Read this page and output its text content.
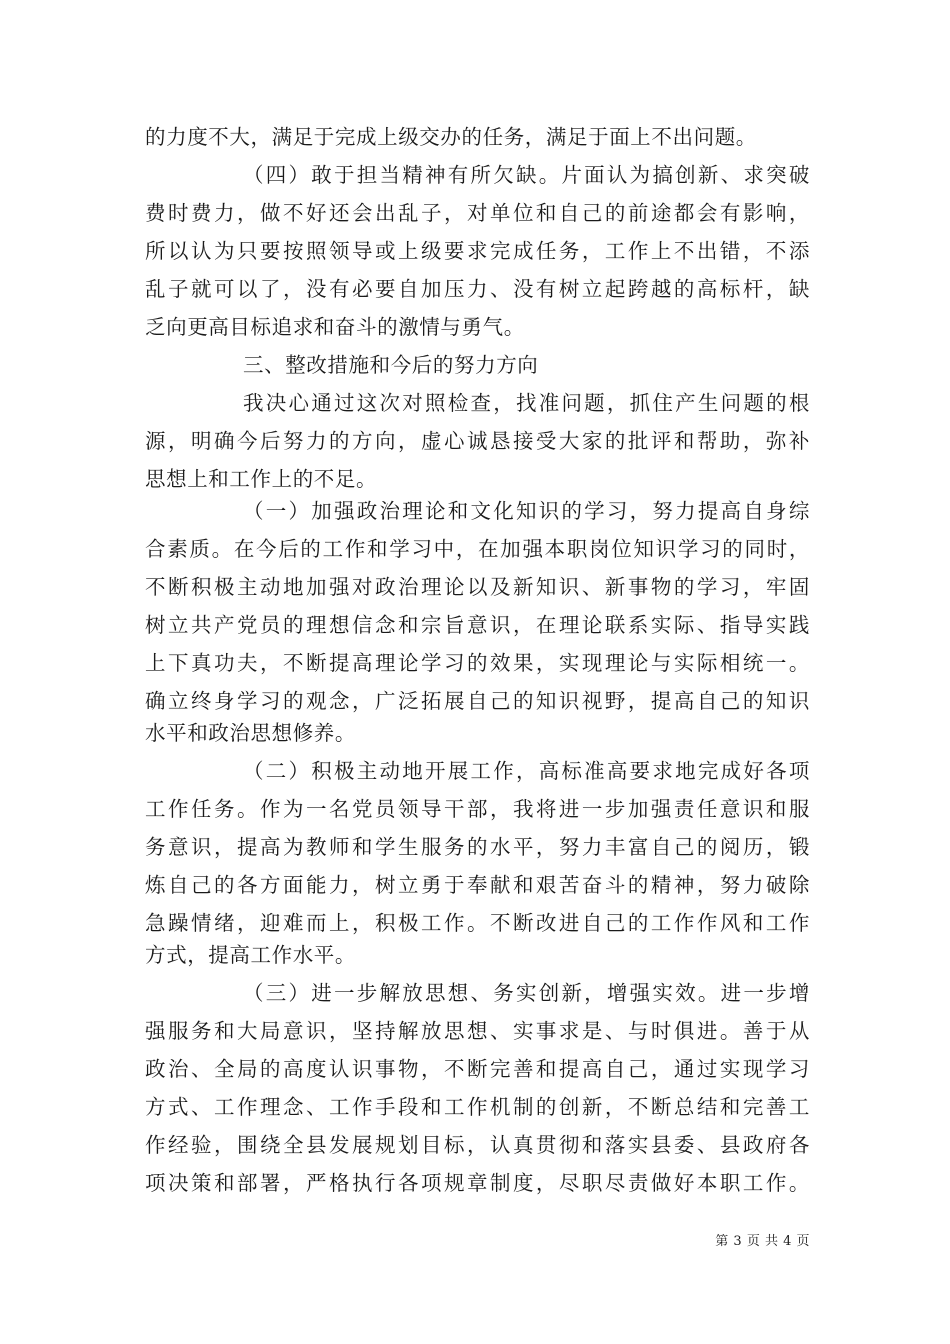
的力度不大，满足于完成上级交办的任务，满足于面上不出问题。
（四）敢于担当精神有所欠缺。片面认为搞创新、求突破
费时费力，做不好还会出乱子，对单位和自己的前途都会有影响，
所以认为只要按照领导或上级要求完成任务，工作上不出错，不添
乱子就可以了，没有必要自加压力、没有树立起跨越的高标杆，缺
乏向更高目标追求和奋斗的激情与勇气。
三、整改措施和今后的努力方向
我决心通过这次对照检查，找准问题，抓住产生问题的根
源，明确今后努力的方向，虚心诚恳接受大家的批评和帮助，弥补
思想上和工作上的不足。
（一）加强政治理论和文化知识的学习，努力提高自身综
合素质。在今后的工作和学习中，在加强本职岗位知识学习的同时，
不断积极主动地加强对政治理论以及新知识、新事物的学习，牢固
树立共产党员的理想信念和宗旨意识，在理论联系实际、指导实践
上下真功夫，不断提高理论学习的效果，实现理论与实际相统一。
确立终身学习的观念，广泛拓展自己的知识视野，提高自己的知识
水平和政治思想修养。
（二）积极主动地开展工作，高标准高要求地完成好各项
工作任务。作为一名党员领导干部，我将进一步加强责任意识和服
务意识，提高为教师和学生服务的水平，努力丰富自己的阅历，锻
炼自己的各方面能力，树立勇于奉献和艰苦奋斗的精神，努力破除
急躁情绪，迎难而上，积极工作。不断改进自己的工作作风和工作
方式，提高工作水平。
（三）进一步解放思想、务实创新，增强实效。进一步增
强服务和大局意识，坚持解放思想、实事求是、与时俱进。善于从
政治、全局的高度认识事物，不断完善和提高自己，通过实现学习
方式、工作理念、工作手段和工作机制的创新，不断总结和完善工
作经验，围绕全县发展规划目标，认真贯彻和落实县委、县政府各
项决策和部署，严格执行各项规章制度，尽职尽责做好本职工作。
第 3 页 共 4 页
